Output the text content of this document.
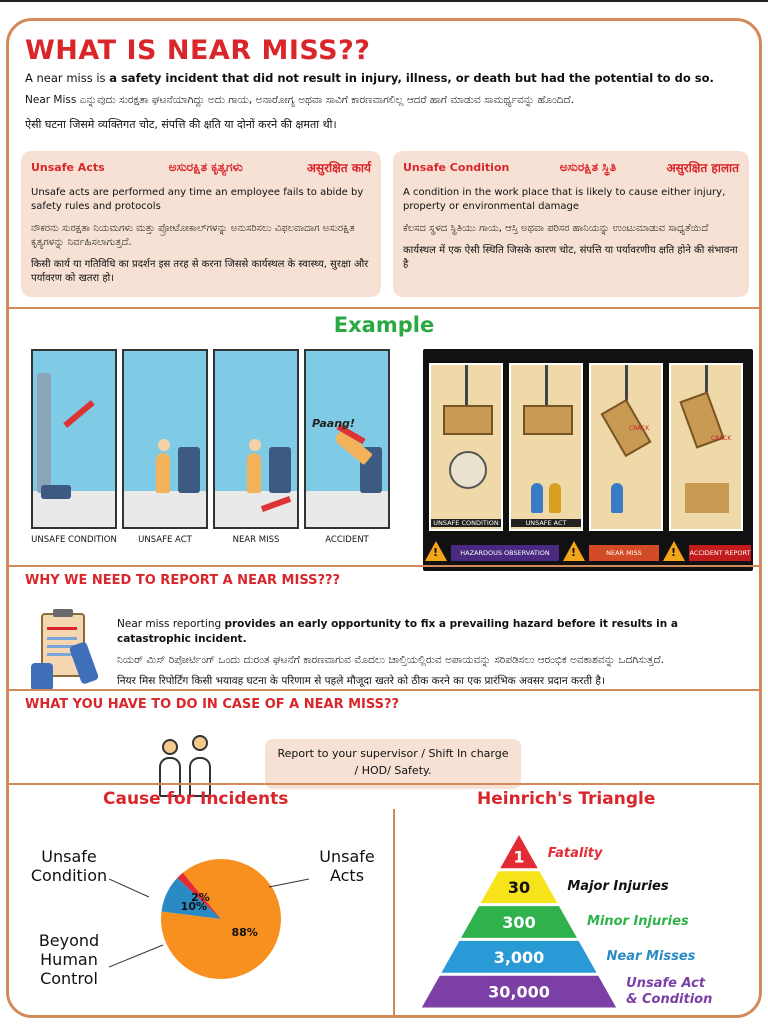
WHAT IS NEAR MISS??
A near miss is a safety incident that did not result in injury, illness, or death but had the potential to do so.
Near Miss ಎನ್ನುವುದು ಸುರಕ್ಷತಾ ಘಟನೆಯಾಗಿದ್ದು ಅದು ಗಾಯ, ಅನಾರೋಗ್ಯ ಅಥವಾ ಸಾವಿಗೆ ಕಾರಣವಾಗಲಿಲ್ಲ ಆದರೆ ಹಾಗೆ ಮಾಡುವ ಸಾಮರ್ಥ್ಯವನ್ನು ಹೊಂದಿದೆ.
ऐसी घटना जिसमे व्यक्तिगत चोट, संपत्ति की क्षति या दोनों करने की क्षमता थी।
Unsafe Acts	ಅಸುರಕ್ಷಿತ ಕೃತ್ಯಗಳು	असुरक्षित कार्य

Unsafe acts are performed any time an employee fails to abide by safety rules and protocols

ನೌಕರನು ಸುರಕ್ಷತಾ ನಿಯಮಗಳು ಮತ್ತು ಪ್ರೋಟೋಕಾಲ್‌ಗಳನ್ನು ಅನುಸರಿಸಲು ವಿಫಲವಾದಾಗ ಅಸುರಕ್ಷಿತ ಕೃತ್ಯಗಳನ್ನು ನಿರ್ವಹಿಸಲಾಗುತ್ತದೆ.

किसी कार्य या गतिविधि का प्रदर्शन इस तरह से करना जिससे कार्यस्थल के स्वास्थ्य, सुरक्षा और पर्यावरण को खतरा हो।

Unsafe Condition	ಅಸುರಕ್ಷಿತ ಸ್ಥಿತಿ	असुरक्षित हालात

A condition in the work place that is likely to cause either injury, property or environmental damage

ಕೆಲಸದ ಸ್ಥಳದ ಸ್ಥಿತಿಯು ಗಾಯ, ಆಸ್ತಿ ಅಥವಾ ಪರಿಸರ ಹಾನಿಯನ್ನು ಉಂಟುಮಾಡುವ ಸಾಧ್ಯತೆಯಿದೆ

कार्यस्थल में एक ऐसी स्थिति जिसके कारण चोट, संपत्ति या पर्यावरणीय क्षति होने की संभावना है

Example
Paang!
UNSAFE CONDITION	UNSAFE ACT	NEAR MISS	ACCIDENT
UNSAFE CONDITION	UNSAFE ACT
CRACK
CRACK
!	HAZARDOUS OBSERVATION	!	NEAR MISS	! ACCIDENT REPORT
WHY WE NEED TO REPORT A NEAR MISS???

Near miss reporting provides an early opportunity to fix a prevailing hazard before it results in a catastrophic incident.

ನಿಯರ್ ಮಿಸ್ ರಿಪೋರ್ಟಿಂಗ್ ಒಂದು ದುರಂತ ಘಟನೆಗೆ ಕಾರಣವಾಗುವ ಮೊದಲು ಚಾಲ್ತಿಯಲ್ಲಿರುವ ಅಪಾಯವನ್ನು ಸರಿಪಡಿಸಲು ಆರಂಭಿಕ ಅವಕಾಶವನ್ನು ಒದಗಿಸುತ್ತದೆ.

नियर मिस रिपोर्टिंग किसी भयावह घटना के परिणाम से पहले मौजूदा खतरे को ठीक करने का एक प्रारंभिक अवसर प्रदान करती है।

WHAT YOU HAVE TO DO IN CASE OF A NEAR MISS??
Report to your supervisor / Shift In charge
/ HOD/ Safety.
Cause for Incidents	Heinrich's Triangle
Unsafe Condition
Unsafe Acts
Beyond Human Control
88%
10%
2%
1
30
300
3,000
30,000
Fatality
Major Injuries
Minor Injuries
Near Misses
Unsafe Act
& Condition
